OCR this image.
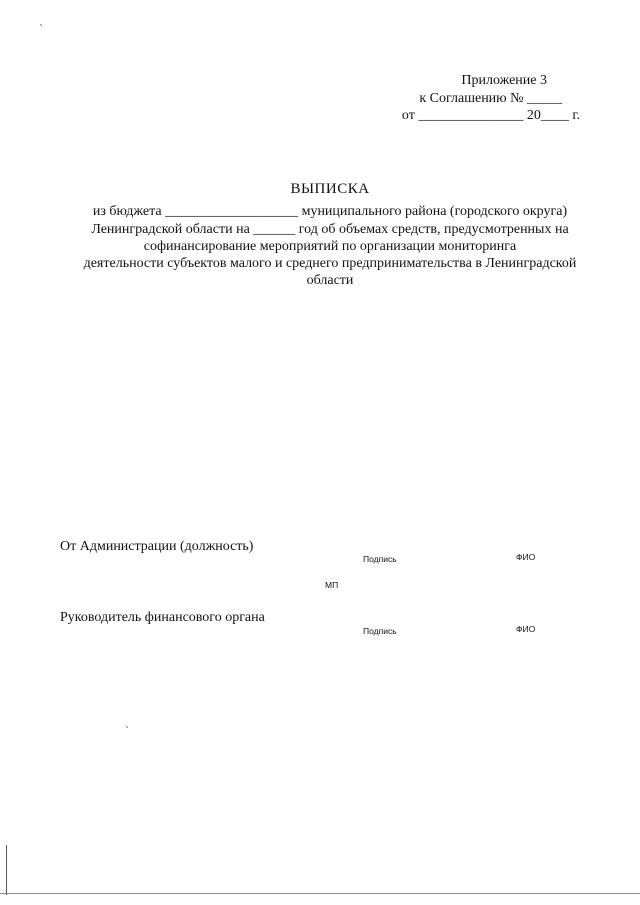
Приложение 3
к Соглашению № _____
от _______________ 20____ г.
ВЫПИСКА
из бюджета ___________________ муниципального района (городского округа)
Ленинградской области на ______ год об объемах средств, предусмотренных на
софинансирование мероприятий по организации мониторинга
деятельности субъектов малого и среднего предпринимательства в Ленинградской
области
От Администрации (должность)
Подпись	ФИО
МП
Руководитель финансового органа
Подпись	ФИО
